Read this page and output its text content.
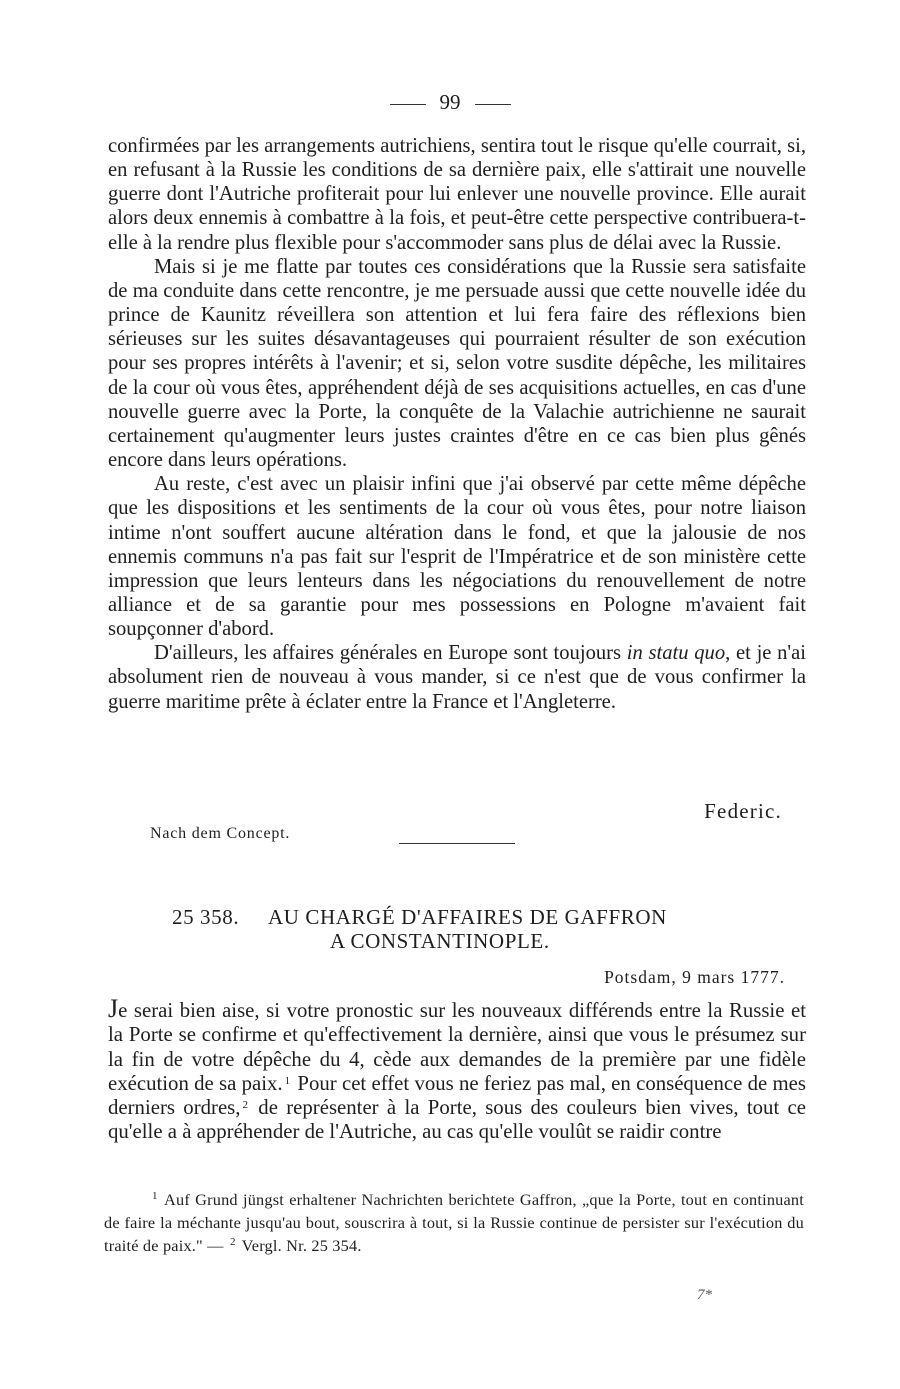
99

confirmées par les arrangements autrichiens, sentira tout le risque qu'elle courrait, si, en refusant à la Russie les conditions de sa dernière paix, elle s'attirait une nouvelle guerre dont l'Autriche profiterait pour lui enlever une nouvelle province. Elle aurait alors deux ennemis à combattre à la fois, et peut-être cette perspective contribuera-t-elle à la rendre plus flexible pour s'accommoder sans plus de délai avec la Russie.

Mais si je me flatte par toutes ces considérations que la Russie sera satisfaite de ma conduite dans cette rencontre, je me persuade aussi que cette nouvelle idée du prince de Kaunitz réveillera son attention et lui fera faire des réflexions bien sérieuses sur les suites désavantageuses qui pourraient résulter de son exécution pour ses propres intérêts à l'avenir; et si, selon votre susdite dépêche, les militaires de la cour où vous êtes, appréhendent déjà de ses acquisitions actuelles, en cas d'une nouvelle guerre avec la Porte, la conquête de la Valachie autrichienne ne saurait certainement qu'augmenter leurs justes craintes d'être en ce cas bien plus gênés encore dans leurs opérations.

Au reste, c'est avec un plaisir infini que j'ai observé par cette même dépêche que les dispositions et les sentiments de la cour où vous êtes, pour notre liaison intime n'ont souffert aucune altération dans le fond, et que la jalousie de nos ennemis communs n'a pas fait sur l'esprit de l'Impératrice et de son ministère cette impression que leurs lenteurs dans les négociations du renouvellement de notre alliance et de sa garantie pour mes possessions en Pologne m'avaient fait soupçonner d'abord.

D'ailleurs, les affaires générales en Europe sont toujours in statu quo, et je n'ai absolument rien de nouveau à vous mander, si ce n'est que de vous confirmer la guerre maritime prête à éclater entre la France et l'Angleterre.

Federic.
Nach dem Concept.
25 358. AU CHARGÉ D'AFFAIRES DE GAFFRON
A CONSTANTINOPLE.
Potsdam, 9 mars 1777.

Je serai bien aise, si votre pronostic sur les nouveaux différends entre la Russie et la Porte se confirme et qu'effectivement la dernière, ainsi que vous le présumez sur la fin de votre dépêche du 4, cède aux demandes de la première par une fidèle exécution de sa paix. $^1$ Pour cet effet vous ne feriez pas mal, en conséquence de mes derniers ordres, $^2$ de représenter à la Porte, sous des couleurs bien vives, tout ce qu'elle a à appréhender de l'Autriche, au cas qu'elle voulût se raidir contre

$^1$ Auf Grund jüngst erhaltener Nachrichten berichtete Gaffron, „que la Porte, tout en continuant de faire la méchante jusqu'au bout, souscrira à tout, si la Russie continue de persister sur l'exécution du traité de paix." — $^2$ Vergl. Nr. 25 354.

7*
